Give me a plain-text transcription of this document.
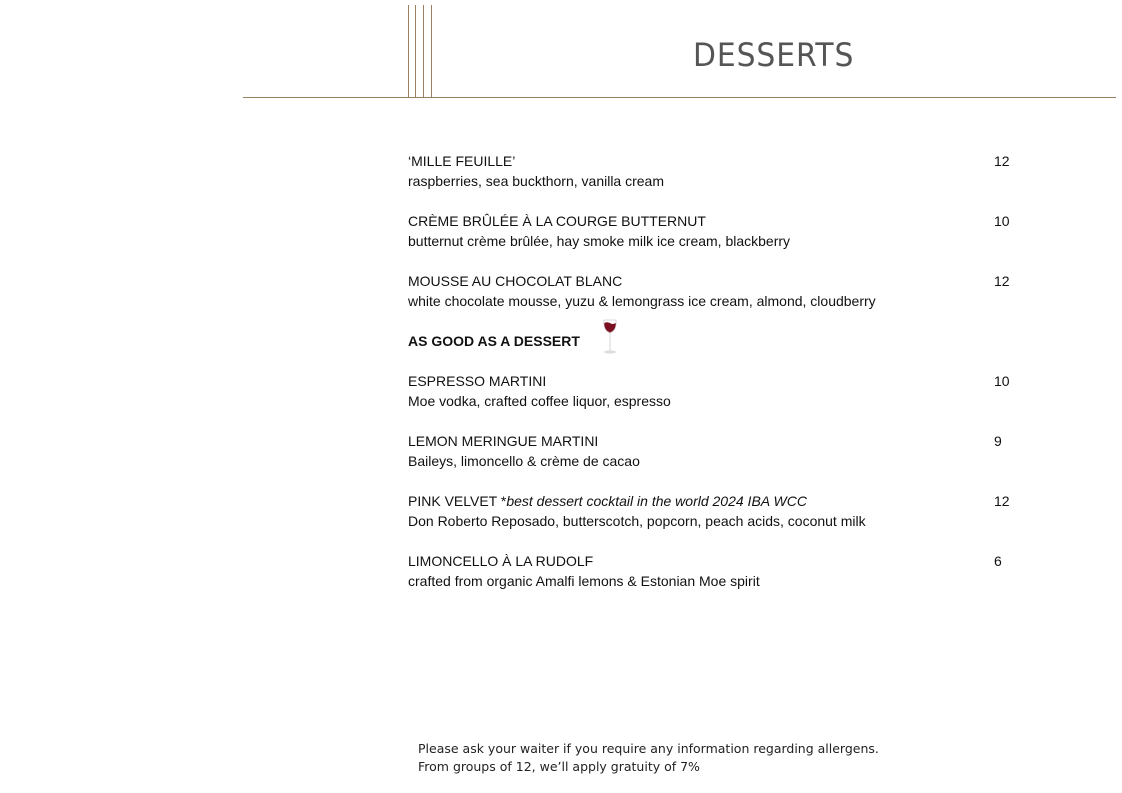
DESSERTS
‘MILLE FEUILLE’	12
raspberries, sea buckthorn, vanilla cream
CRÈME BRÛLÉE À LA COURGE BUTTERNUT	10
butternut crème brûlée, hay smoke milk ice cream, blackberry
MOUSSE AU CHOCOLAT BLANC	12
white chocolate mousse, yuzu & lemongrass ice cream, almond, cloudberry
AS GOOD AS A DESSERT
ESPRESSO MARTINI	10
Moe vodka, crafted coffee liquor, espresso
LEMON MERINGUE MARTINI	9
Baileys, limoncello & crème de cacao
PINK VELVET *best dessert cocktail in the world 2024 IBA WCC	12
Don Roberto Reposado, butterscotch, popcorn, peach acids, coconut milk
LIMONCELLO À LA RUDOLF	6
crafted from organic Amalfi lemons & Estonian Moe spirit
Please ask your waiter if you require any information regarding allergens.
From groups of 12, we’ll apply gratuity of 7%
